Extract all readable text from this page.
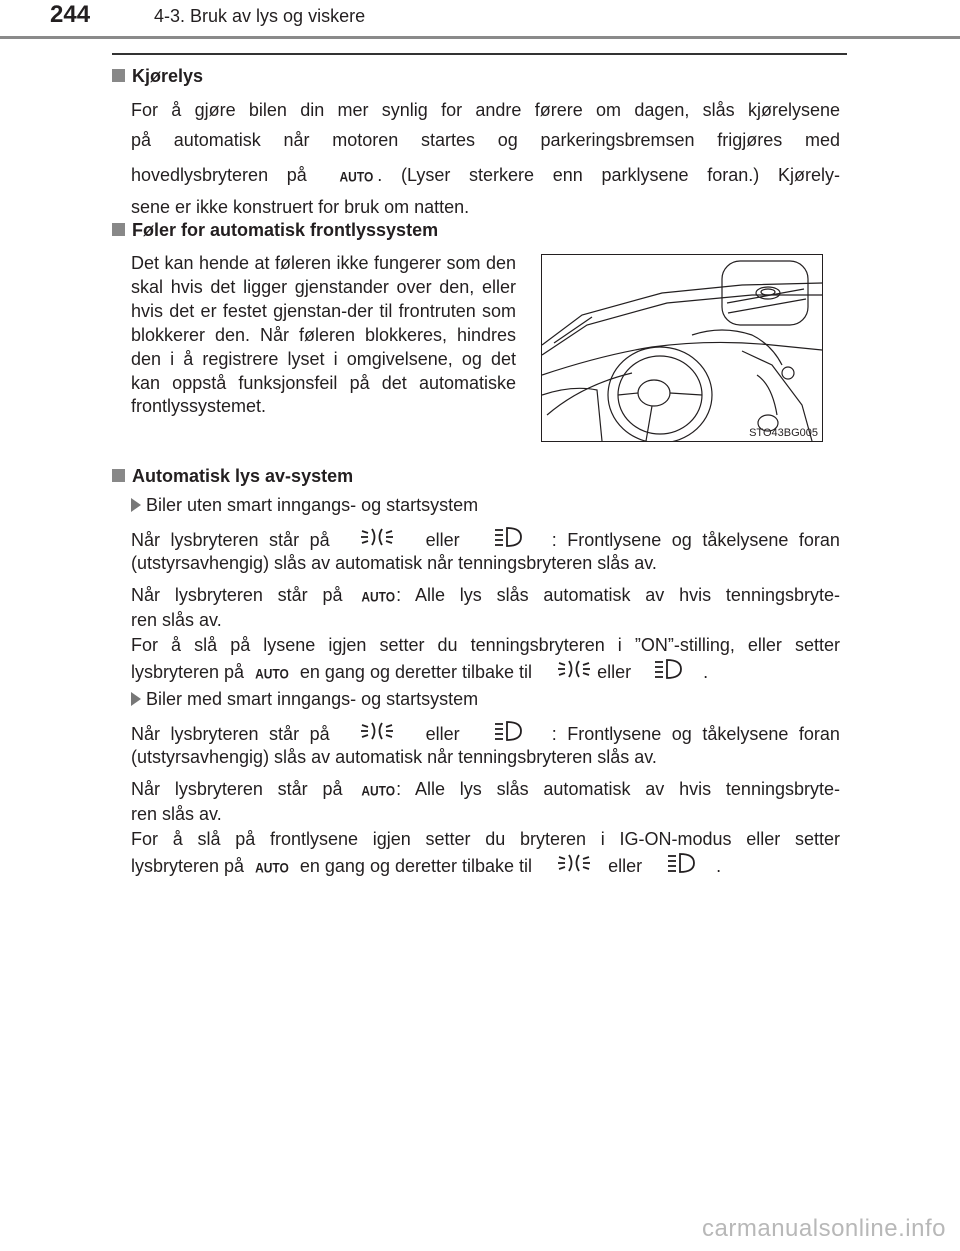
244	4-3. Bruk av lys og viskere
Kjørelys

For å gjøre bilen din mer synlig for andre førere om dagen, slås kjørelysene

på automatisk når motoren startes og parkeringsbremsen frigjøres med

hovedlysbryteren på	AUTO . (Lyser sterkere enn parklysene foran.) Kjørely-

sene er ikke konstruert for bruk om natten.

Føler for automatisk frontlyssystem
Det kan hende at føleren ikke fungerer som den skal hvis det ligger gjenstander over den, eller hvis det er festet gjenstan-der til frontruten som blokkerer den. Når føleren blokkeres, hindres den i å registrere lyset i omgivelsene, og det kan oppstå funksjonsfeil på det automatiske frontlyssystemet.
STO43BG005
Automatisk lys av-system
Biler uten smart inngangs- og startsystem

Når lysbryteren står på	eller	: Frontlysene og tåkelysene foran

(utstyrsavhengig) slås av automatisk når tenningsbryteren slås av.

Når lysbryteren står på AUTO: Alle lys slås automatisk av hvis tenningsbryte-

ren slås av.

For å slå på lysene igjen setter du tenningsbryteren i ”ON”-stilling, eller setter

lysbryteren på AUTO en gang og deretter tilbake til	eller	.

Biler med smart inngangs- og startsystem

Når lysbryteren står på	eller	: Frontlysene og tåkelysene foran

(utstyrsavhengig) slås av automatisk når tenningsbryteren slås av.

Når lysbryteren står på AUTO: Alle lys slås automatisk av hvis tenningsbryte-

ren slås av.

For å slå på frontlysene igjen setter du bryteren i IG-ON-modus eller setter

lysbryteren på AUTO en gang og deretter tilbake til	eller	.

carmanualsonline.info
